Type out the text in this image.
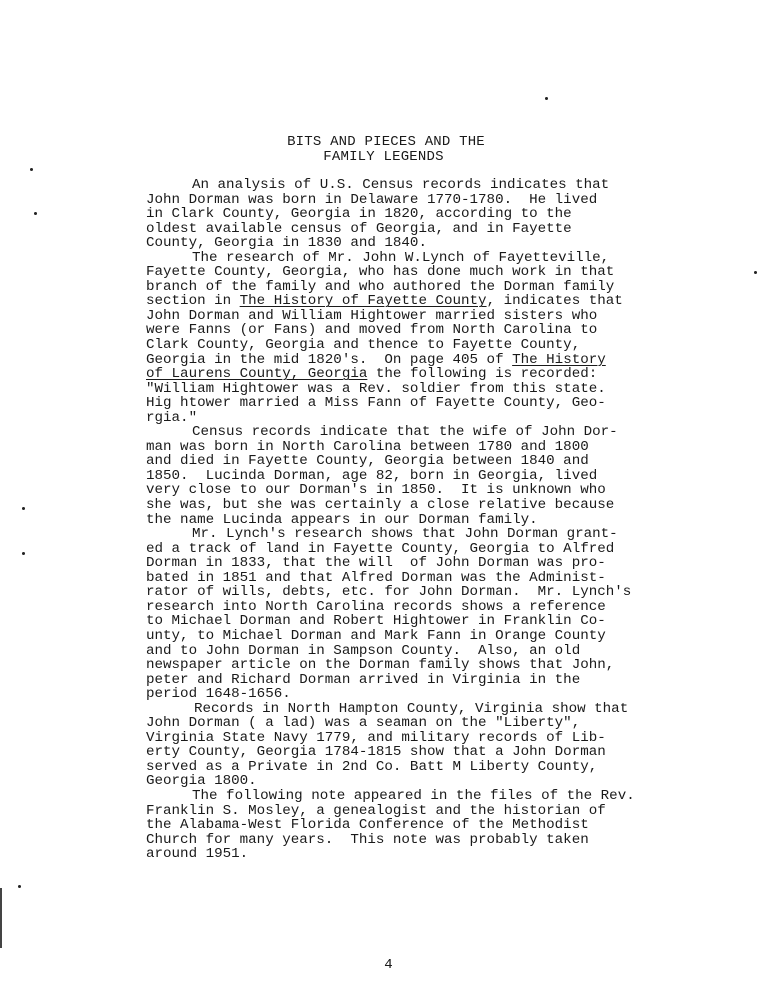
BITS AND PIECES AND THE
FAMILY LEGENDS
An analysis of U.S. Census records indicates that
John Dorman was born in Delaware 1770-1780.  He lived
in Clark County, Georgia in 1820, according to the
oldest available census of Georgia, and in Fayette
County, Georgia in 1830 and 1840.
The research of Mr. John W.Lynch of Fayetteville,
Fayette County, Georgia, who has done much work in that
branch of the family and who authored the Dorman family
section in The History of Fayette County, indicates that
John Dorman and William Hightower married sisters who
were Fanns (or Fans) and moved from North Carolina to
Clark County, Georgia and thence to Fayette County,
Georgia in the mid 1820's.  On page 405 of The History
of Laurens County, Georgia the following is recorded:
"William Hightower was a Rev. soldier from this state.
Hig htower married a Miss Fann of Fayette County, Geo-
rgia."
Census records indicate that the wife of John Dor-
man was born in North Carolina between 1780 and 1800
and died in Fayette County, Georgia between 1840 and
1850.  Lucinda Dorman, age 82, born in Georgia, lived
very close to our Dorman's in 1850.  It is unknown who
she was, but she was certainly a close relative because
the name Lucinda appears in our Dorman family.
Mr. Lynch's research shows that John Dorman grant-
ed a track of land in Fayette County, Georgia to Alfred
Dorman in 1833, that the will  of John Dorman was pro-
bated in 1851 and that Alfred Dorman was the Administ-
rator of wills, debts, etc. for John Dorman.  Mr. Lynch's
research into North Carolina records shows a reference
to Michael Dorman and Robert Hightower in Franklin Co-
unty, to Michael Dorman and Mark Fann in Orange County
and to John Dorman in Sampson County.  Also, an old
newspaper article on the Dorman family shows that John,
peter and Richard Dorman arrived in Virginia in the
period 1648-1656.
Records in North Hampton County, Virginia show that
John Dorman ( a lad) was a seaman on the "Liberty",
Virginia State Navy 1779, and military records of Lib-
erty County, Georgia 1784-1815 show that a John Dorman
served as a Private in 2nd Co. Batt M Liberty County,
Georgia 1800.
The following note appeared in the files of the Rev.
Franklin S. Mosley, a genealogist and the historian of
the Alabama-West Florida Conference of the Methodist
Church for many years.  This note was probably taken
around 1951.
4
